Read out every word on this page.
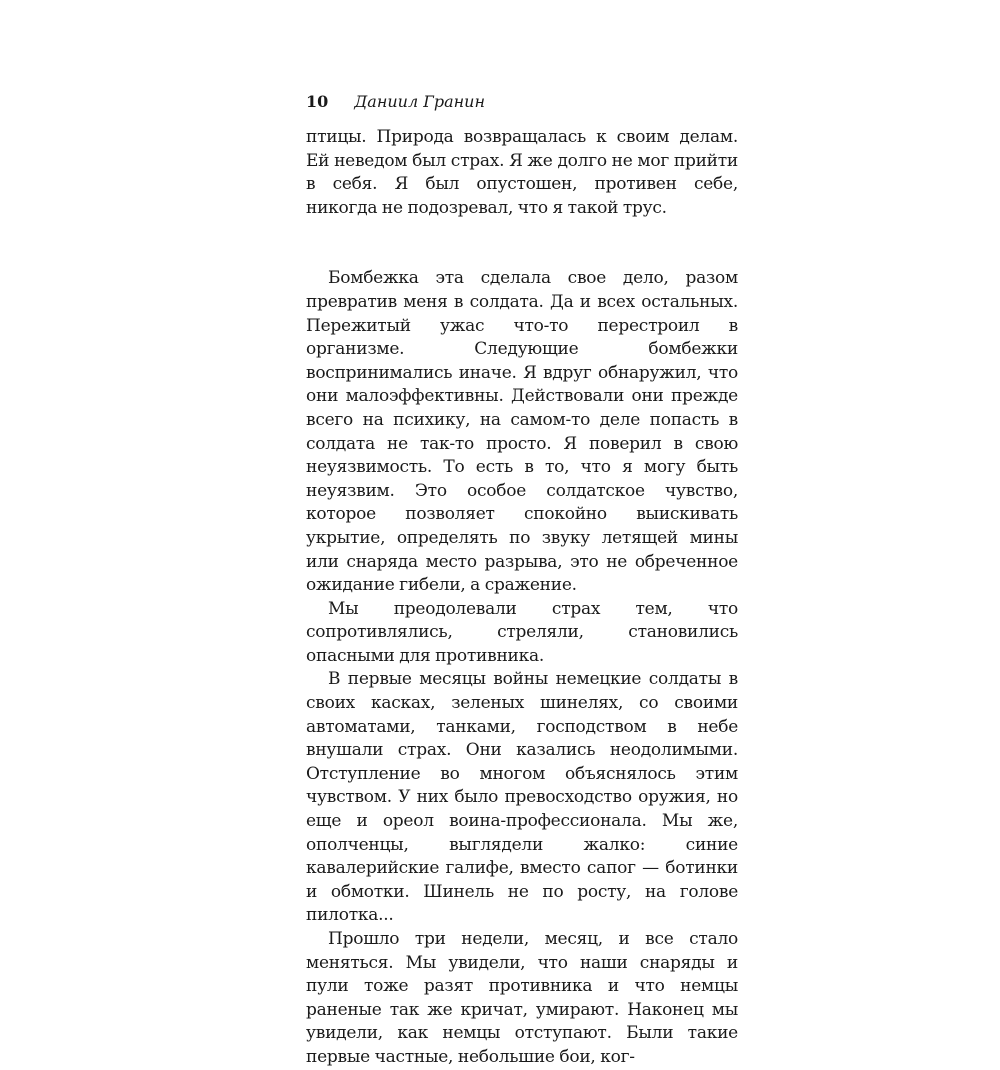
10 Даниил Гранин

птицы. Природа возвращалась к своим делам. Ей неведом был страх. Я же долго не мог прийти в себя. Я был опустошен, противен себе, никогда не подозревал, что я такой трус.

Бомбежка эта сделала свое дело, разом превратив меня в солдата. Да и всех остальных. Пережитый ужас что-то перестроил в организме. Следующие бомбежки воспринимались иначе. Я вдруг обнаружил, что они малоэффективны. Действовали они прежде всего на психику, на самом-то деле попасть в солдата не так-то просто. Я поверил в свою неуязвимость. То есть в то, что я могу быть неуязвим. Это особое солдатское чувство, которое позволяет спокойно выискивать укрытие, определять по звуку летящей мины или снаряда место разрыва, это не обреченное ожидание гибели, а сражение.

Мы преодолевали страх тем, что сопротивлялись, стреляли, становились опасными для противника.

В первые месяцы войны немецкие солдаты в своих касках, зеленых шинелях, со своими автоматами, танками, господством в небе внушали страх. Они казались неодолимыми. Отступление во многом объяснялось этим чувством. У них было превосходство оружия, но еще и ореол воина-профессионала. Мы же, ополченцы, выглядели жалко: синие кавалерийские галифе, вместо сапог — ботинки и обмотки. Шинель не по росту, на голове пилотка...

Прошло три недели, месяц, и все стало меняться. Мы увидели, что наши снаряды и пули тоже разят противника и что немцы раненые так же кричат, умирают. Наконец мы увидели, как немцы отступают. Были такие первые частные, небольшие бои, ког-
